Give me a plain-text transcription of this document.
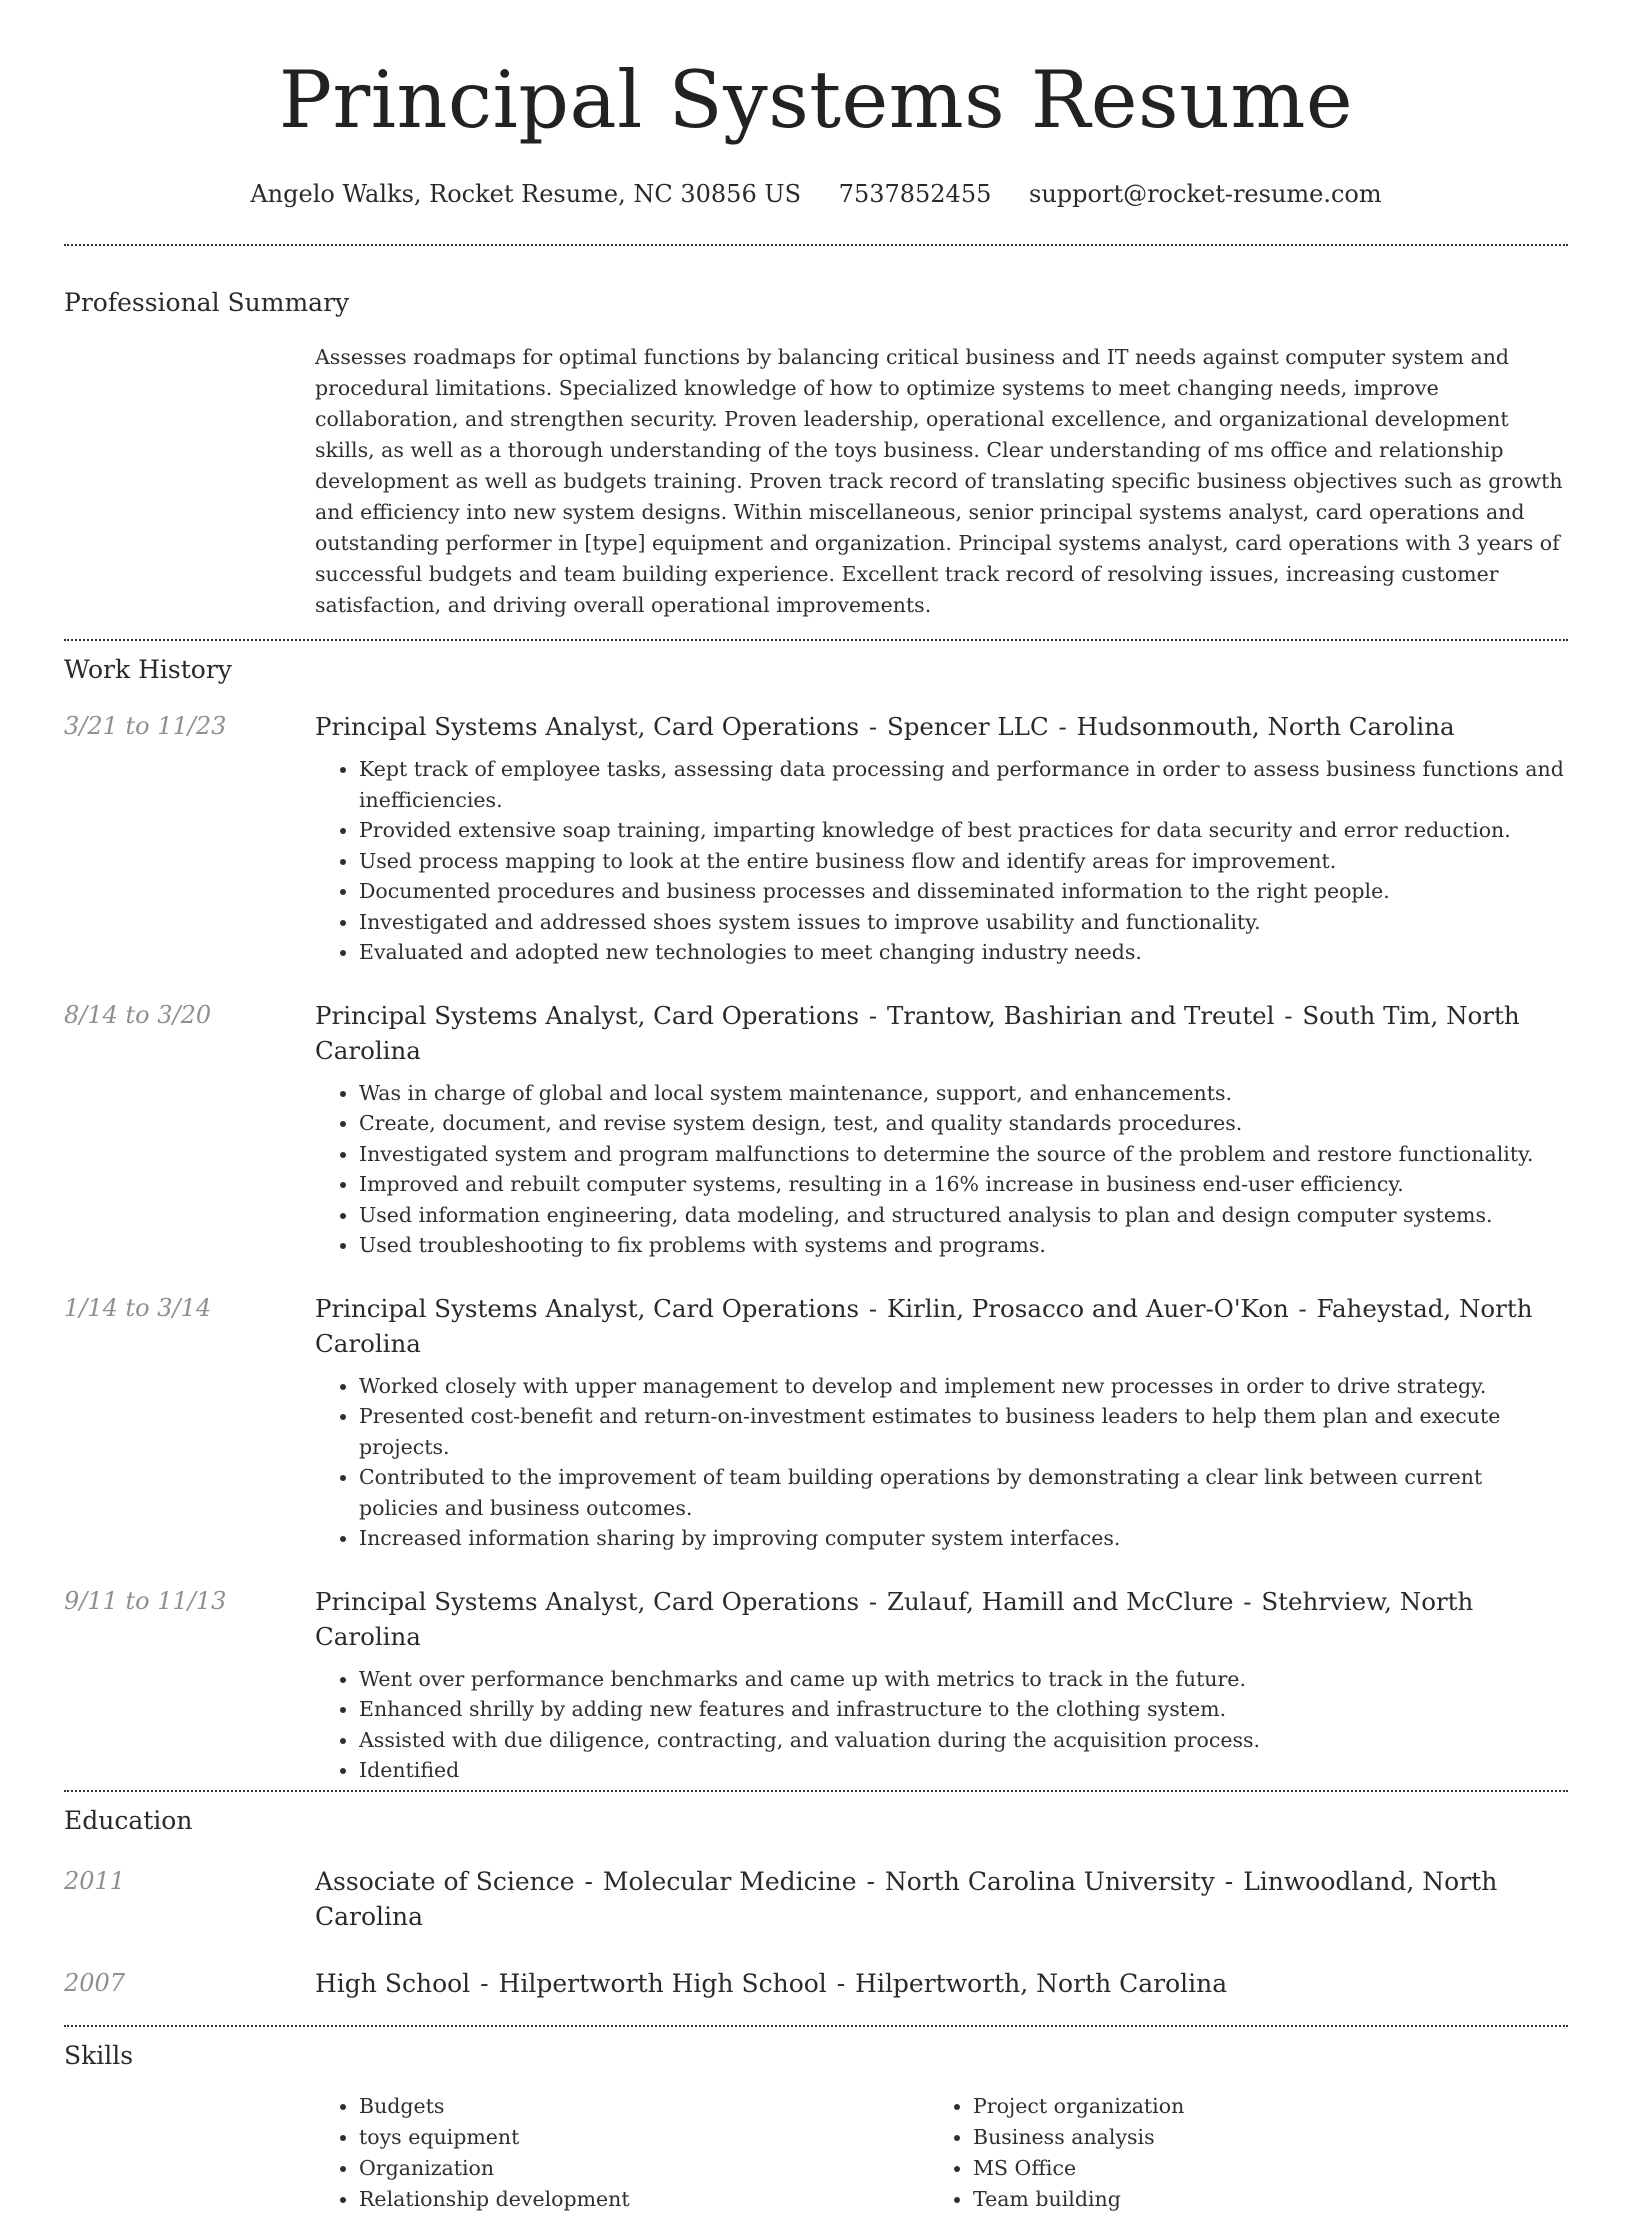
Principal Systems Resume
Angelo Walks, Rocket Resume, NC 30856 US 7537852455 support@rocket-resume.com
Professional Summary
Assesses roadmaps for optimal functions by balancing critical business and IT needs against computer system and procedural limitations. Specialized knowledge of how to optimize systems to meet changing needs, improve collaboration, and strengthen security. Proven leadership, operational excellence, and organizational development skills, as well as a thorough understanding of the toys business. Clear understanding of ms office and relationship development as well as budgets training. Proven track record of translating specific business objectives such as growth and efficiency into new system designs. Within miscellaneous, senior principal systems analyst, card operations and outstanding performer in [type] equipment and organization. Principal systems analyst, card operations with 3 years of successful budgets and team building experience. Excellent track record of resolving issues, increasing customer satisfaction, and driving overall operational improvements.
Work History
3/21 to 11/23	Principal Systems Analyst, Card Operations - Spencer LLC - Hudsonmouth, North Carolina
• Kept track of employee tasks, assessing data processing and performance in order to assess business functions and inefficiencies.
• Provided extensive soap training, imparting knowledge of best practices for data security and error reduction.
• Used process mapping to look at the entire business flow and identify areas for improvement.
• Documented procedures and business processes and disseminated information to the right people.
• Investigated and addressed shoes system issues to improve usability and functionality.
• Evaluated and adopted new technologies to meet changing industry needs.
8/14 to 3/20	Principal Systems Analyst, Card Operations - Trantow, Bashirian and Treutel - South Tim, North Carolina
• Was in charge of global and local system maintenance, support, and enhancements.
• Create, document, and revise system design, test, and quality standards procedures.
• Investigated system and program malfunctions to determine the source of the problem and restore functionality.
• Improved and rebuilt computer systems, resulting in a 16% increase in business end-user efficiency.
• Used information engineering, data modeling, and structured analysis to plan and design computer systems.
• Used troubleshooting to fix problems with systems and programs.
1/14 to 3/14	Principal Systems Analyst, Card Operations - Kirlin, Prosacco and Auer-O'Kon - Faheystad, North Carolina
• Worked closely with upper management to develop and implement new processes in order to drive strategy.
• Presented cost-benefit and return-on-investment estimates to business leaders to help them plan and execute projects.
• Contributed to the improvement of team building operations by demonstrating a clear link between current policies and business outcomes.
• Increased information sharing by improving computer system interfaces.
9/11 to 11/13	Principal Systems Analyst, Card Operations - Zulauf, Hamill and McClure - Stehrview, North Carolina
• Went over performance benchmarks and came up with metrics to track in the future.
• Enhanced shrilly by adding new features and infrastructure to the clothing system.
• Assisted with due diligence, contracting, and valuation during the acquisition process.
• Identified
Education
2011	Associate of Science - Molecular Medicine - North Carolina University - Linwoodland, North Carolina
2007	High School - Hilpertworth High School - Hilpertworth, North Carolina
Skills
• Budgets
• toys equipment
• Organization
• Relationship development
• Project organization
• Business analysis
• MS Office
• Team building
